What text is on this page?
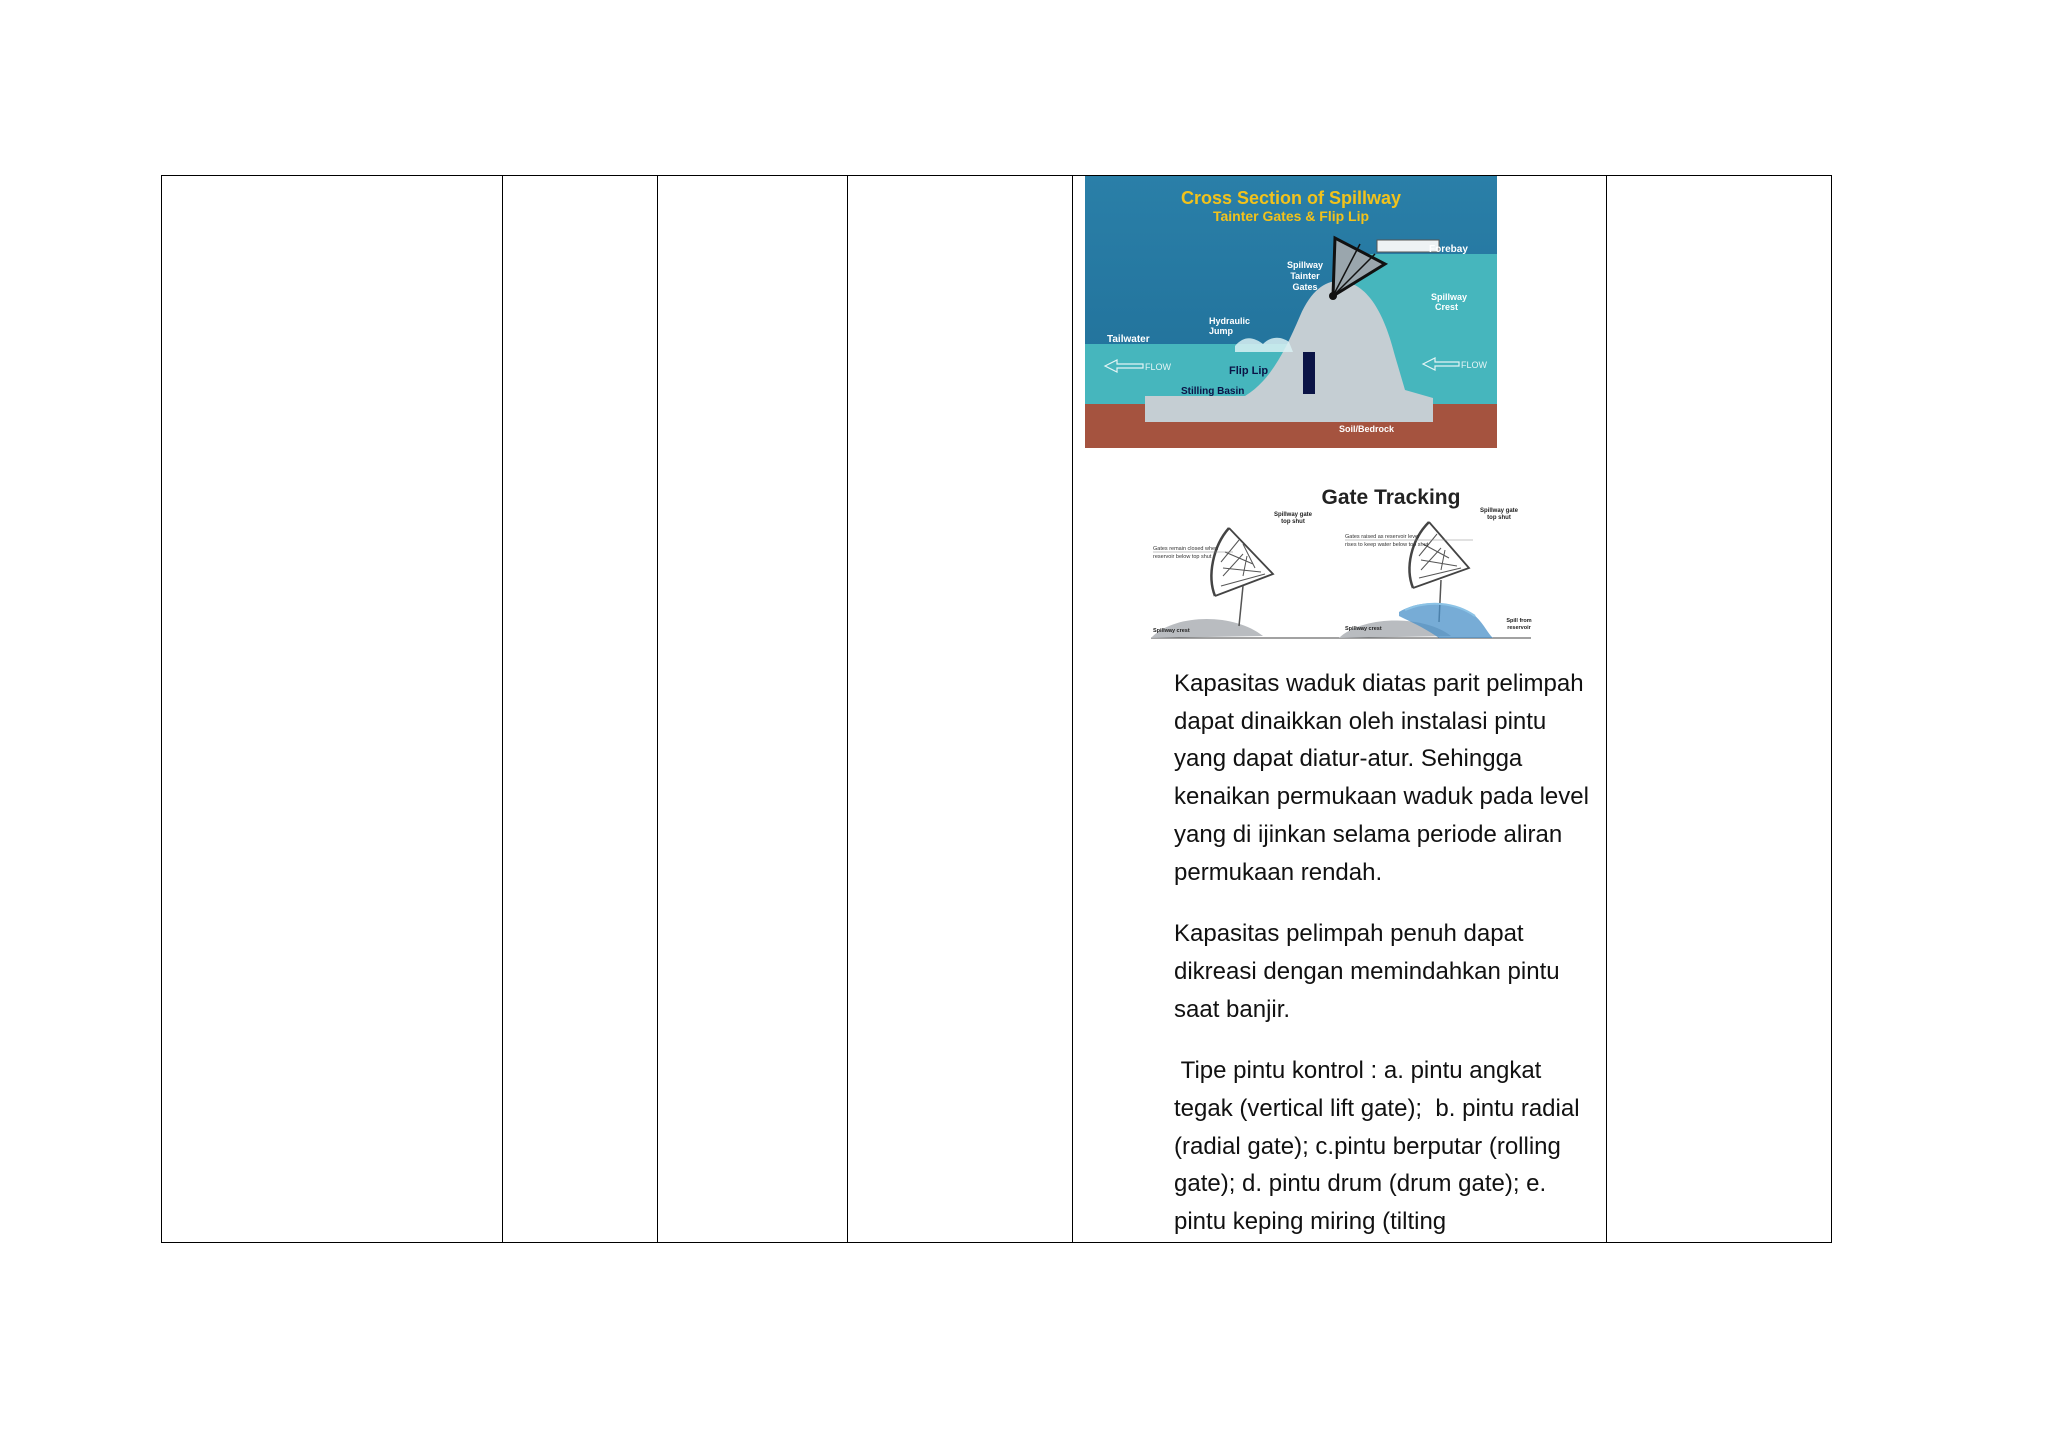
Cross Section of Spillway
Tainter Gates & Flip Lip
Forebay
Spillway
Tainter
Gates
Spillway
Crest
Hydraulic
Jump
Tailwater
FLOW	FLOW
Flip Lip
Stilling Basin
Soil/Bedrock
Gate Tracking
Spillway gate
top shut
Gates remain closed when
reservoir below top shut
Spillway crest
Spillway gate
top shut
Gates raised as reservoir level
rises to keep water below top shut
Spillway crest
Spill from
reservoir

Kapasitas waduk diatas parit pelimpah dapat dinaikkan oleh instalasi pintu yang dapat diatur-atur. Sehingga kenaikan permukaan waduk pada level yang di ijinkan selama periode aliran permukaan rendah.

Kapasitas pelimpah penuh dapat dikreasi dengan memindahkan pintu saat banjir.

Tipe pintu kontrol : a. pintu angkat tegak (vertical lift gate);  b. pintu radial (radial gate); c.pintu berputar (rolling gate); d. pintu drum (drum gate); e. pintu keping miring (tilting
